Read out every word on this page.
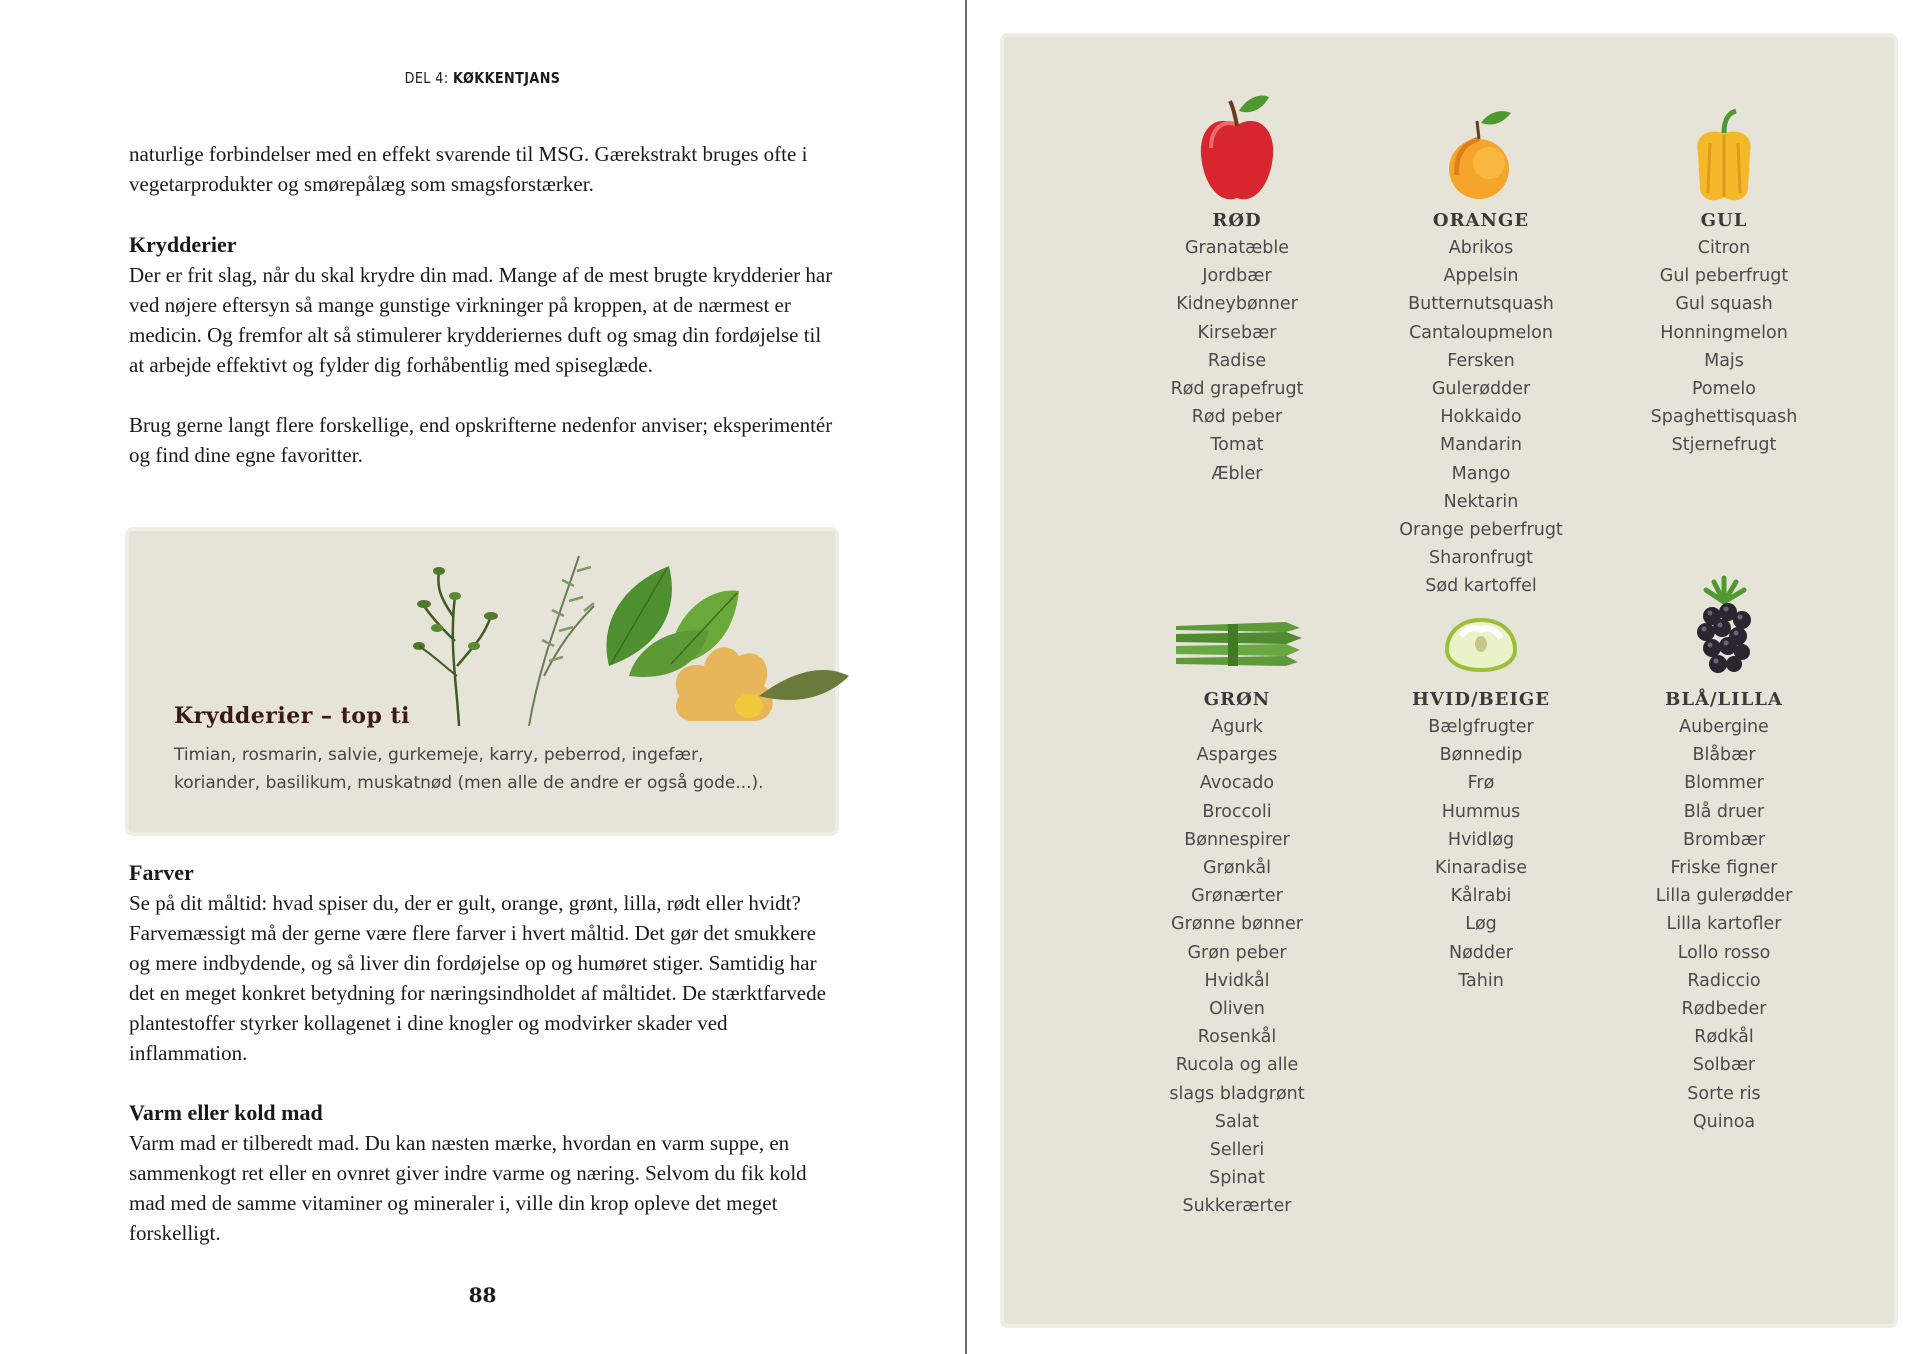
DEL 4: KØKKENTJANS

naturlige forbindelser med en effekt svarende til MSG. Gærekstrakt bruges ofte i vegetarprodukter og smørepålæg som smagsforstærker.

Krydderier

Der er frit slag, når du skal krydre din mad. Mange af de mest brugte krydderier har ved nøjere eftersyn så mange gunstige virkninger på kroppen, at de nærmest er medicin. Og fremfor alt så stimulerer krydderiernes duft og smag din fordøjelse til at arbejde effektivt og fylder dig forhåbentlig med spiseglæde.

Brug gerne langt flere forskellige, end opskrifterne nedenfor anviser; eksperimentér og find dine egne favoritter.

Krydderier – top ti
Timian, rosmarin, salvie, gurkemeje, karry, peberrod, ingefær, koriander, basilikum, muskatnød (men alle de andre er også gode...).
Farver

Se på dit måltid: hvad spiser du, der er gult, orange, grønt, lilla, rødt eller hvidt? Farvemæssigt må der gerne være flere farver i hvert måltid. Det gør det smukkere og mere indbydende, og så liver din fordøjelse op og humøret stiger. Samtidig har det en meget konkret betydning for næringsindholdet af måltidet. De stærktfarvede plantestoffer styrker kollagenet i dine knogler og modvirker skader ved inflammation.

Varm eller kold mad

Varm mad er tilberedt mad. Du kan næsten mærke, hvordan en varm suppe, en sammenkogt ret eller en ovnret giver indre varme og næring. Selvom du fik kold mad med de samme vitaminer og mineraler i, ville din krop opleve det meget forskelligt.

88
RØD
Granatæble
Jordbær
Kidneybønner
Kirsebær
Radise
Rød grapefrugt
Rød peber
Tomat
Æbler
ORANGE
Abrikos
Appelsin
Butternutsquash
Cantaloupmelon
Fersken
Gulerødder
Hokkaido
Mandarin
Mango
Nektarin
Orange peberfrugt
Sharonfrugt
Sød kartoffel
GUL
Citron
Gul peberfrugt
Gul squash
Honningmelon
Majs
Pomelo
Spaghettisquash
Stjernefrugt
GRØN
Agurk
Asparges
Avocado
Broccoli
Bønnespirer
Grønkål
Grønærter
Grønne bønner
Grøn peber
Hvidkål
Oliven
Rosenkål
Rucola og alle
slags bladgrønt
Salat
Selleri
Spinat
Sukkerærter
HVID/BEIGE
Bælgfrugter
Bønnedip
Frø
Hummus
Hvidløg
Kinaradise
Kålrabi
Løg
Nødder
Tahin
BLÅ/LILLA
Aubergine
Blåbær
Blommer
Blå druer
Brombær
Friske figner
Lilla gulerødder
Lilla kartofler
Lollo rosso
Radiccio
Rødbeder
Rødkål
Solbær
Sorte ris
Quinoa
